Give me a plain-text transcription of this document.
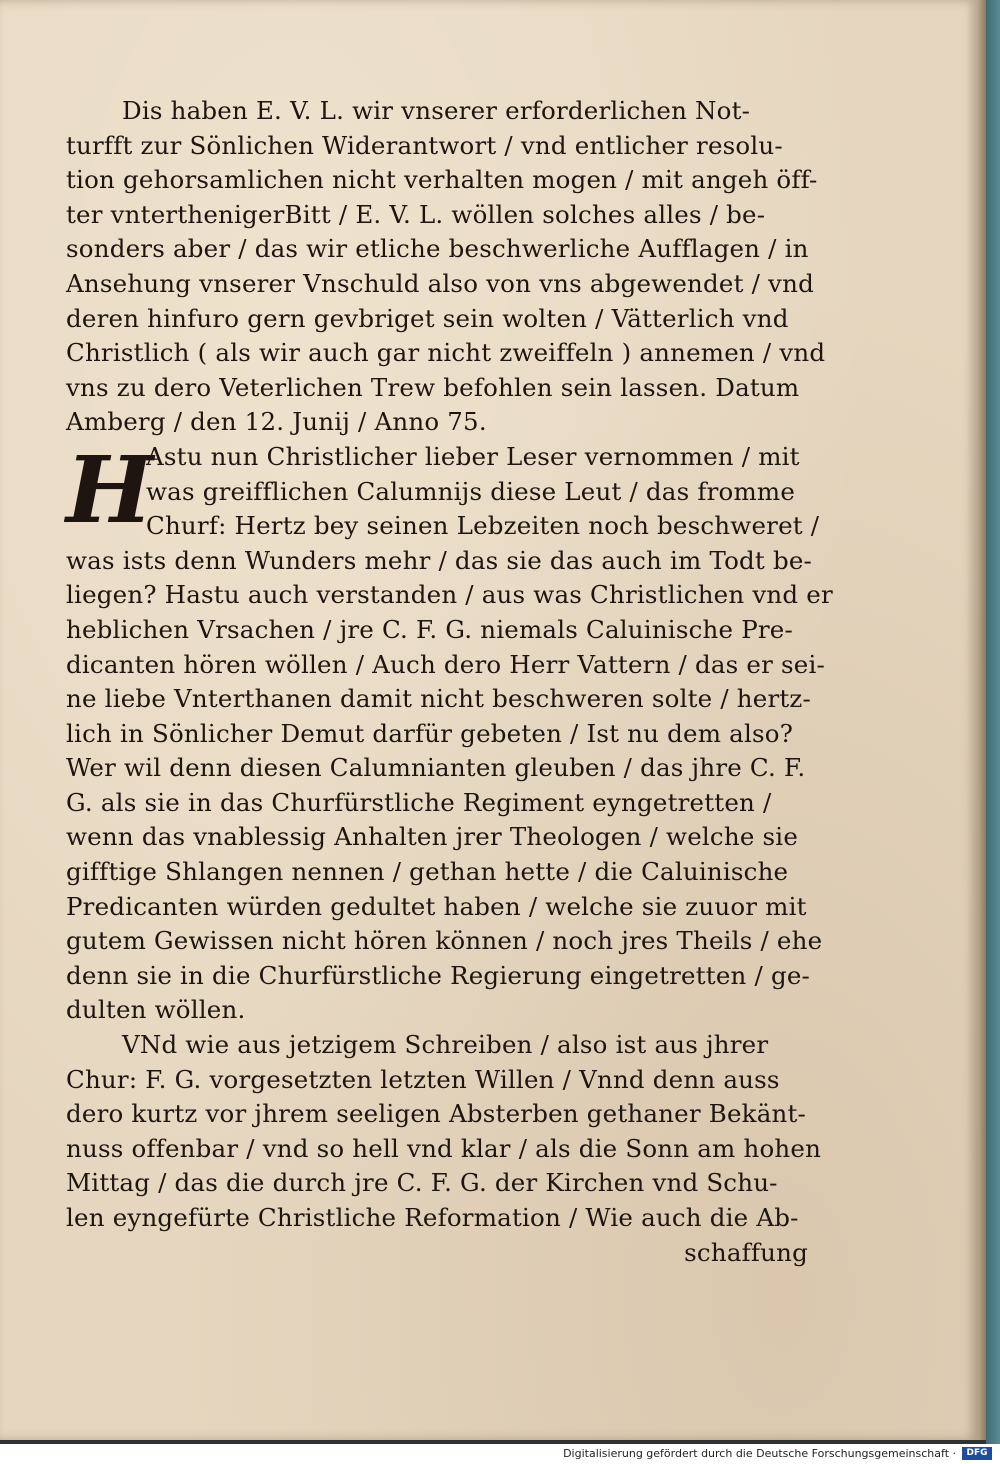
Dis haben E. V. L. wir vnserer erforderlichen Not-
turfft zur Sönlichen Widerantwort / vnd entlicher resolu-
tion gehorsamlichen nicht verhalten mogen / mit angeh öff-
ter vnterthenigerBitt / E. V. L. wöllen solches alles / be-
sonders aber / das wir etliche beschwerliche Aufflagen / in
Ansehung vnserer Vnschuld also von vns abgewendet / vnd
deren hinfuro gern gevbriget sein wolten / Vätterlich vnd
Christlich ( als wir auch gar nicht zweiffeln ) annemen / vnd
vns zu dero Veterlichen Trew befohlen sein lassen. Datum
Amberg / den 12. Junij / Anno 75.
H
Astu nun Christlicher lieber Leser vernommen / mit
was greifflichen Calumnijs diese Leut / das fromme
Churf: Hertz bey seinen Lebzeiten noch beschweret /
was ists denn Wunders mehr / das sie das auch im Todt be-
liegen? Hastu auch verstanden / aus was Christlichen vnd er
heblichen Vrsachen / jre C. F. G. niemals Caluinische Pre-
dicanten hören wöllen / Auch dero Herr Vattern / das er sei-
ne liebe Vnterthanen damit nicht beschweren solte / hertz-
lich in Sönlicher Demut darfür gebeten / Ist nu dem also?
Wer wil denn diesen Calumnianten gleuben / das jhre C. F.
G. als sie in das Churfürstliche Regiment eyngetretten /
wenn das vnablessig Anhalten jrer Theologen / welche sie
gifftige Shlangen nennen / gethan hette / die Caluinische
Predicanten würden gedultet haben / welche sie zuuor mit
gutem Gewissen nicht hören können / noch jres Theils / ehe
denn sie in die Churfürstliche Regierung eingetretten / ge-
dulten wöllen.
VNd wie aus jetzigem Schreiben / also ist aus jhrer
Chur: F. G. vorgesetzten letzten Willen / Vnnd denn auss
dero kurtz vor jhrem seeligen Absterben gethaner Bekänt-
nuss offenbar / vnd so hell vnd klar / als die Sonn am hohen
Mittag / das die durch jre C. F. G. der Kirchen vnd Schu-
len eyngefürte Christliche Reformation / Wie auch die Ab-
schaffung
Digitalisierung gefördert durch die Deutsche Forschungsgemeinschaft ·	DFG
